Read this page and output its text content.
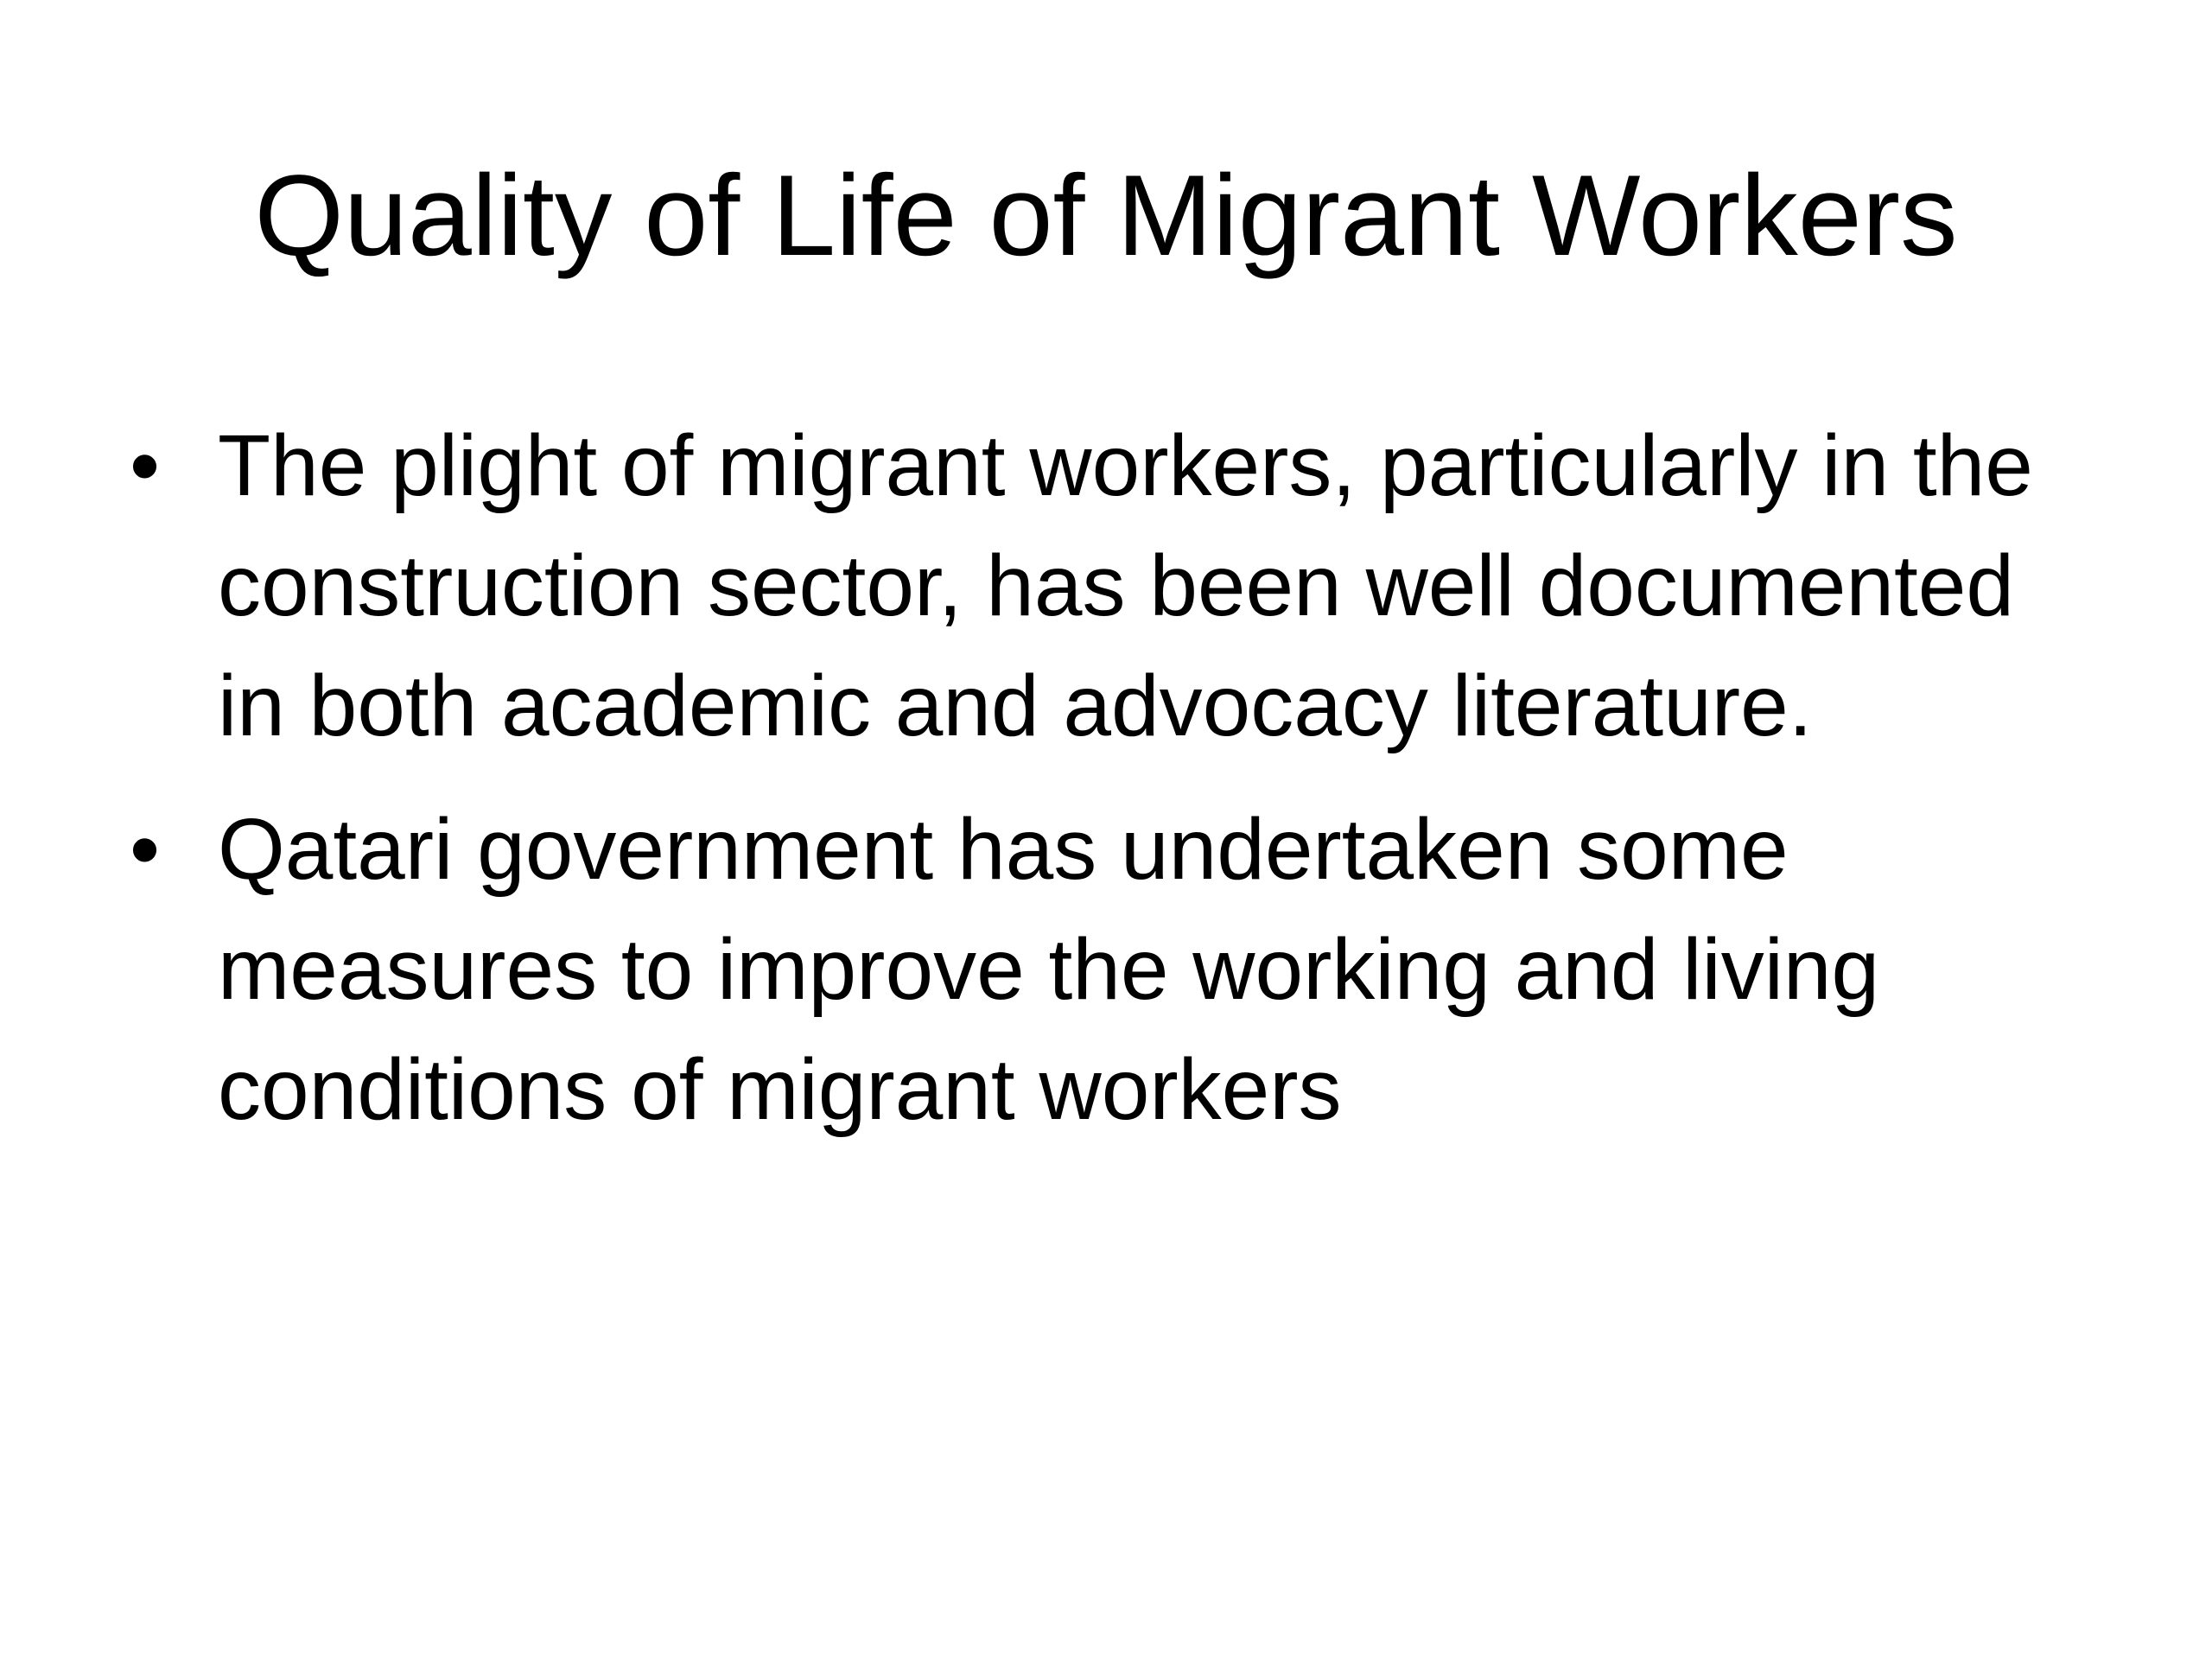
Quality of Life of Migrant Workers
• The plight of migrant workers, particularly in the construction sector, has been well documented in both academic and advocacy literature.
• Qatari government has undertaken some measures to improve the working and living conditions of migrant workers
